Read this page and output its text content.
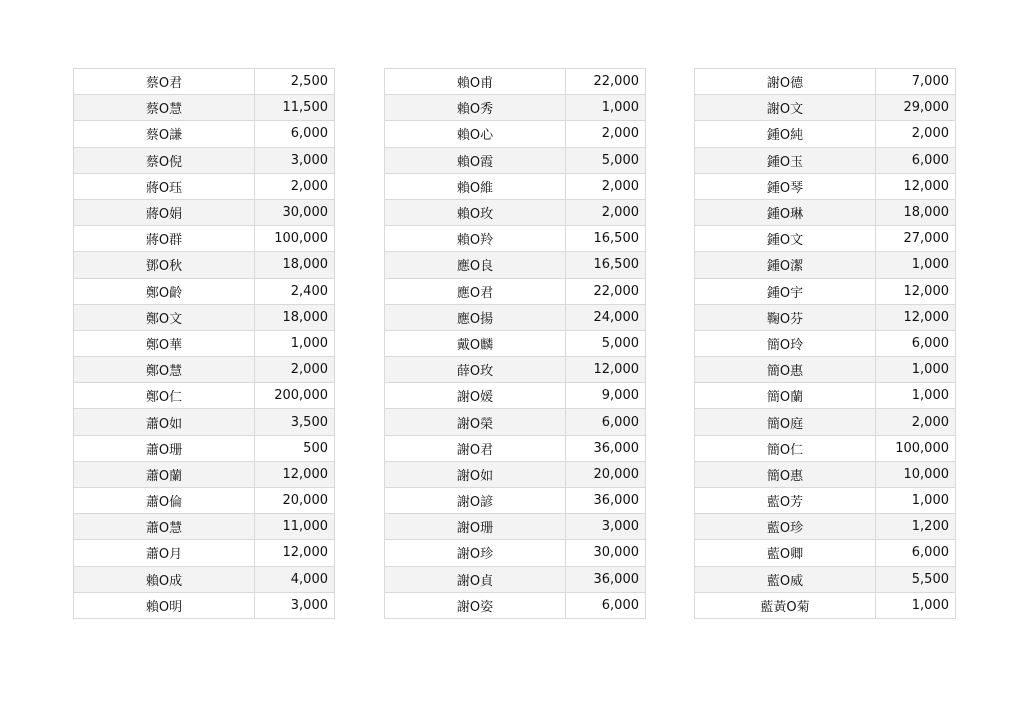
蔡O君	2,500
蔡O慧	11,500
蔡O謙	6,000
蔡O倪	3,000
蔣O珏	2,000
蔣O娟	30,000
蔣O群	100,000
鄧O秋	18,000
鄭O齡	2,400
鄭O文	18,000
鄭O華	1,000
鄭O慧	2,000
鄭O仁	200,000
蕭O如	3,500
蕭O珊	500
蕭O蘭	12,000
蕭O倫	20,000
蕭O慧	11,000
蕭O月	12,000
賴O成	4,000
賴O明	3,000
賴O甫	22,000
賴O秀	1,000
賴O心	2,000
賴O霞	5,000
賴O維	2,000
賴O玫	2,000
賴O羚	16,500
應O良	16,500
應O君	22,000
應O揚	24,000
戴O麟	5,000
薛O玫	12,000
謝O媛	9,000
謝O榮	6,000
謝O君	36,000
謝O如	20,000
謝O諺	36,000
謝O珊	3,000
謝O珍	30,000
謝O貞	36,000
謝O姿	6,000
謝O德	7,000
謝O文	29,000
鍾O純	2,000
鍾O玉	6,000
鍾O琴	12,000
鍾O琳	18,000
鍾O文	27,000
鍾O潔	1,000
鍾O宇	12,000
鞠O芬	12,000
簡O玲	6,000
簡O惠	1,000
簡O蘭	1,000
簡O庭	2,000
簡O仁	100,000
簡O惠	10,000
藍O芳	1,000
藍O珍	1,200
藍O卿	6,000
藍O威	5,500
藍黃O菊	1,000
